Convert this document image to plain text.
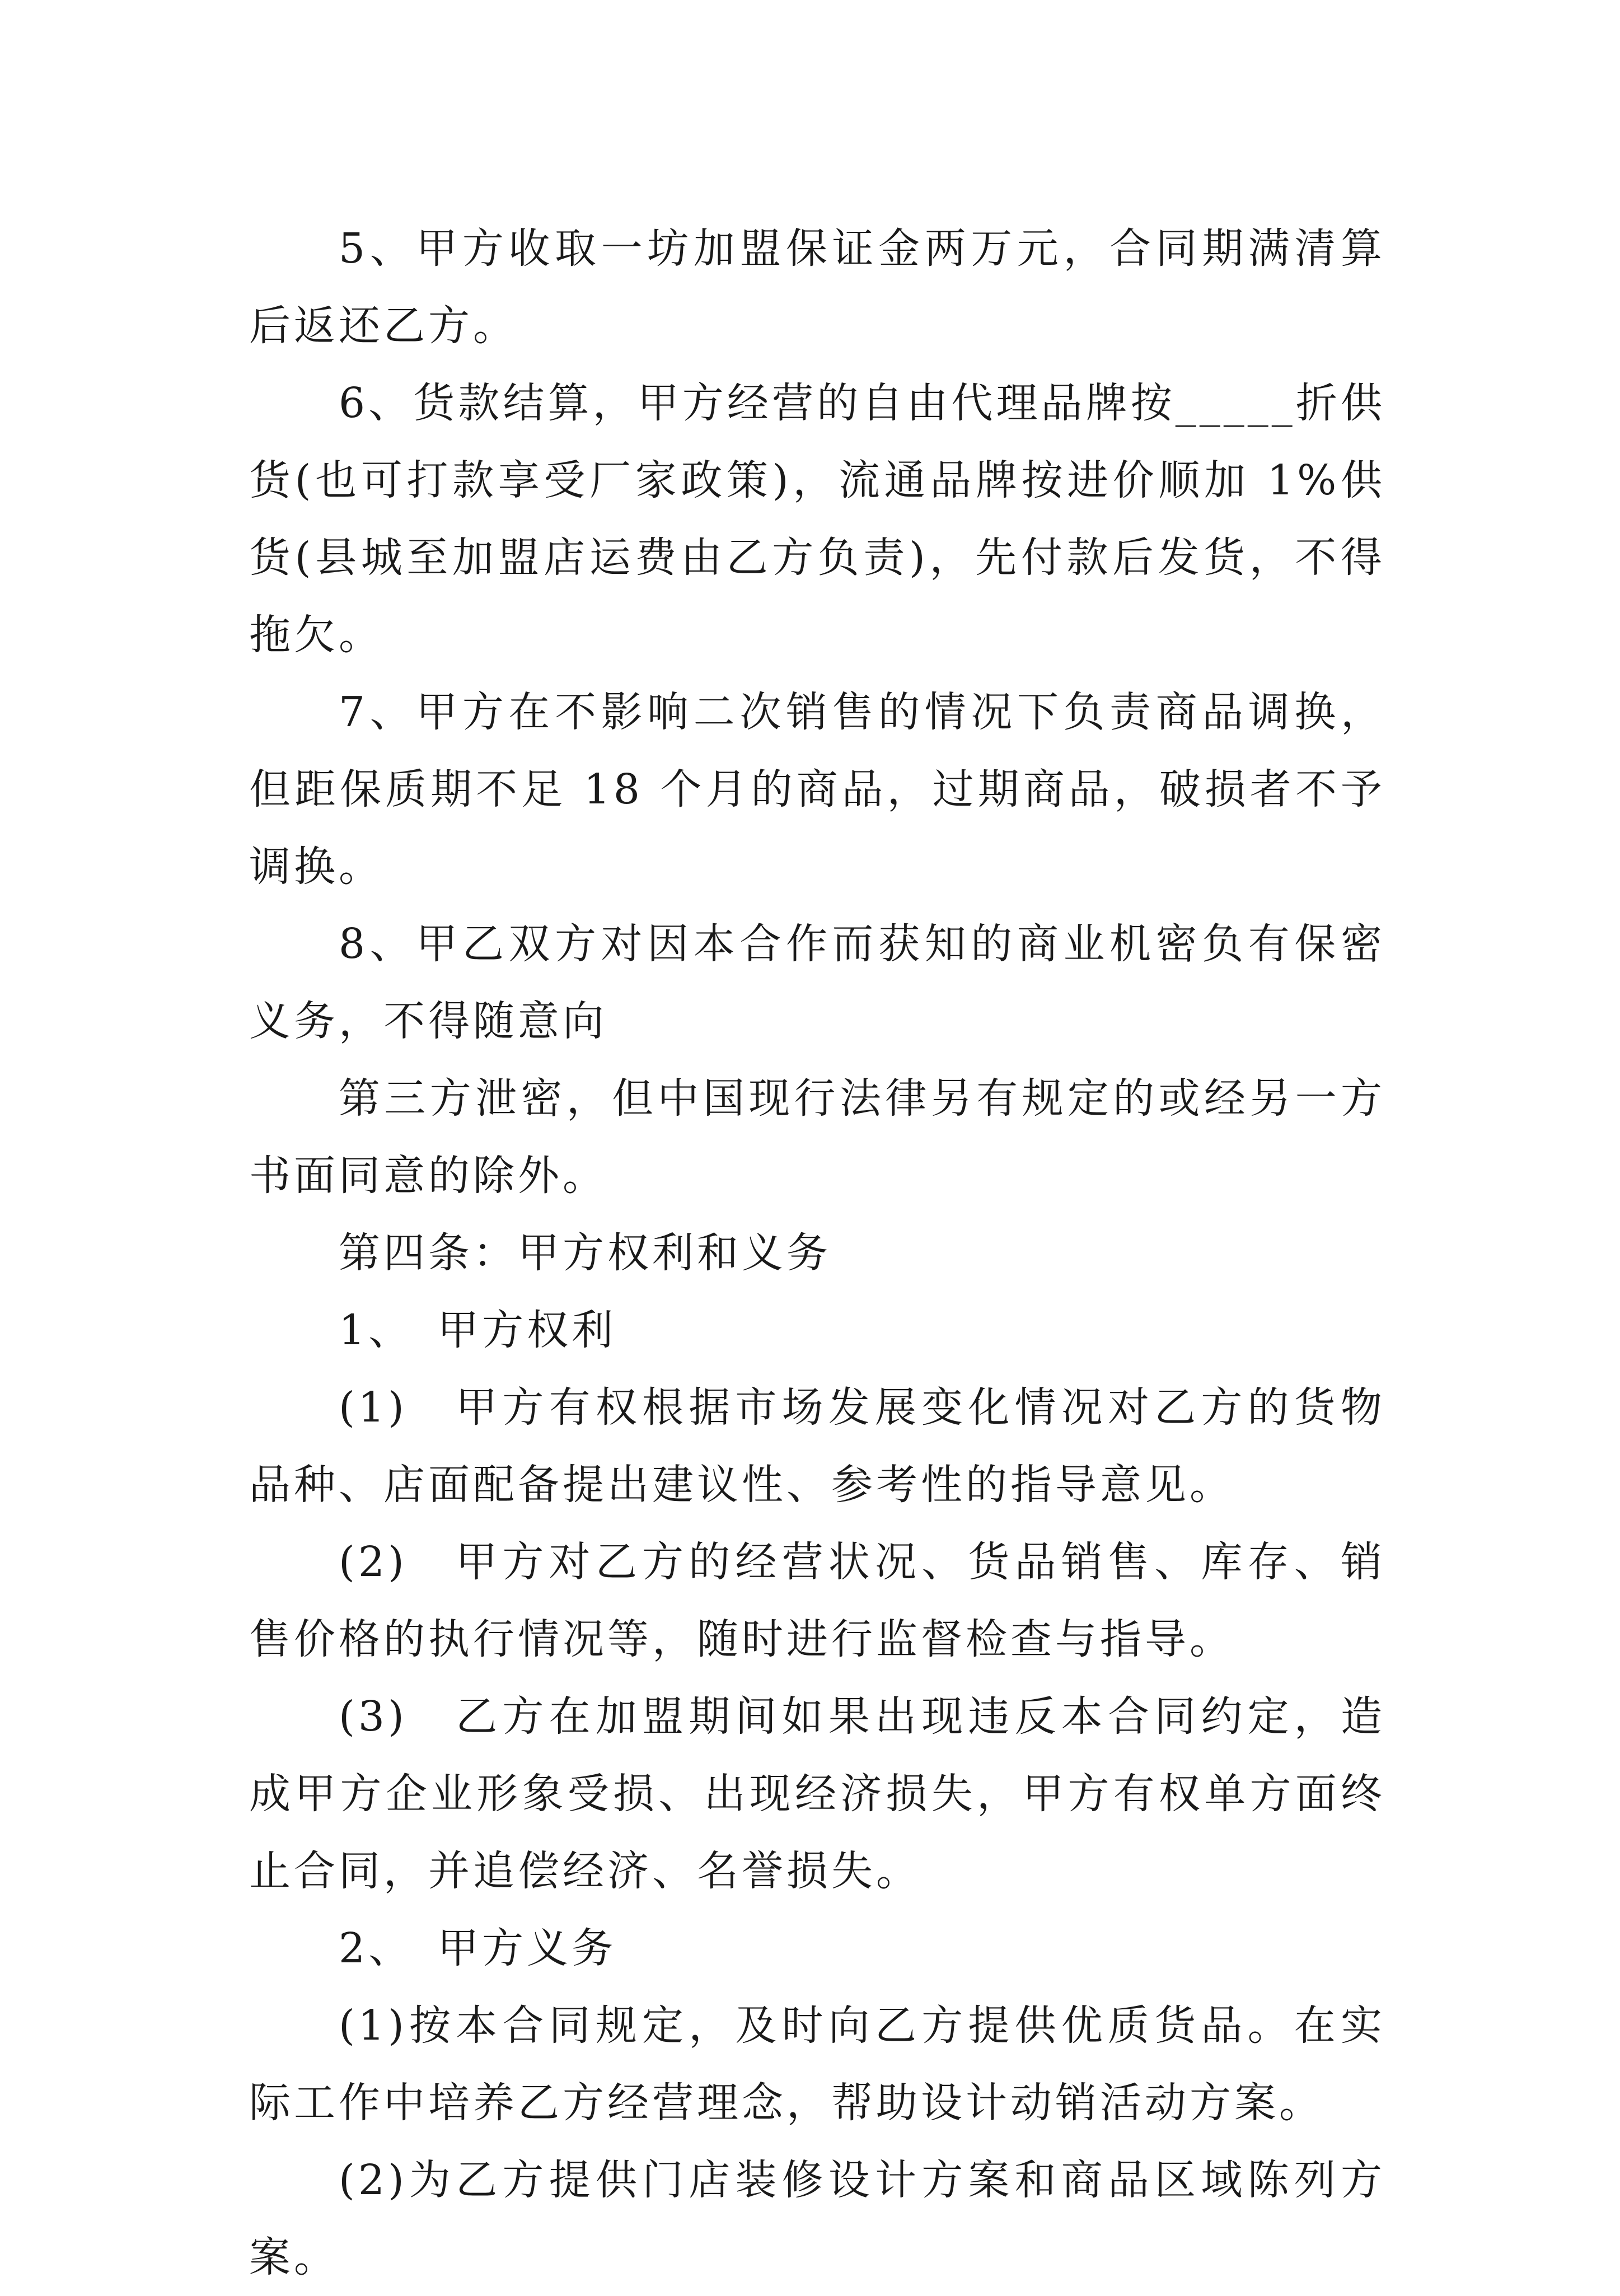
5、甲方收取一坊加盟保证金两万元，合同期满清算后返还乙方。

6、货款结算，甲方经营的自由代理品牌按_____折供货(也可打款享受厂家政策)，流通品牌按进价顺加 1%供货(县城至加盟店运费由乙方负责)，先付款后发货，不得拖欠。

7、甲方在不影响二次销售的情况下负责商品调换，但距保质期不足 18 个月的商品，过期商品，破损者不予调换。

8、甲乙双方对因本合作而获知的商业机密负有保密义务，不得随意向

第三方泄密，但中国现行法律另有规定的或经另一方书面同意的除外。

第四条：甲方权利和义务

1、　甲方权利

(1)　甲方有权根据市场发展变化情况对乙方的货物品种、店面配备提出建议性、参考性的指导意见。

(2)　甲方对乙方的经营状况、货品销售、库存、销售价格的执行情况等，随时进行监督检查与指导。

(3)　乙方在加盟期间如果出现违反本合同约定，造成甲方企业形象受损、出现经济损失，甲方有权单方面终止合同，并追偿经济、名誉损失。

2、　甲方义务

(1)按本合同规定，及时向乙方提供优质货品。在实际工作中培养乙方经营理念，帮助设计动销活动方案。

(2)为乙方提供门店装修设计方案和商品区域陈列方案。
